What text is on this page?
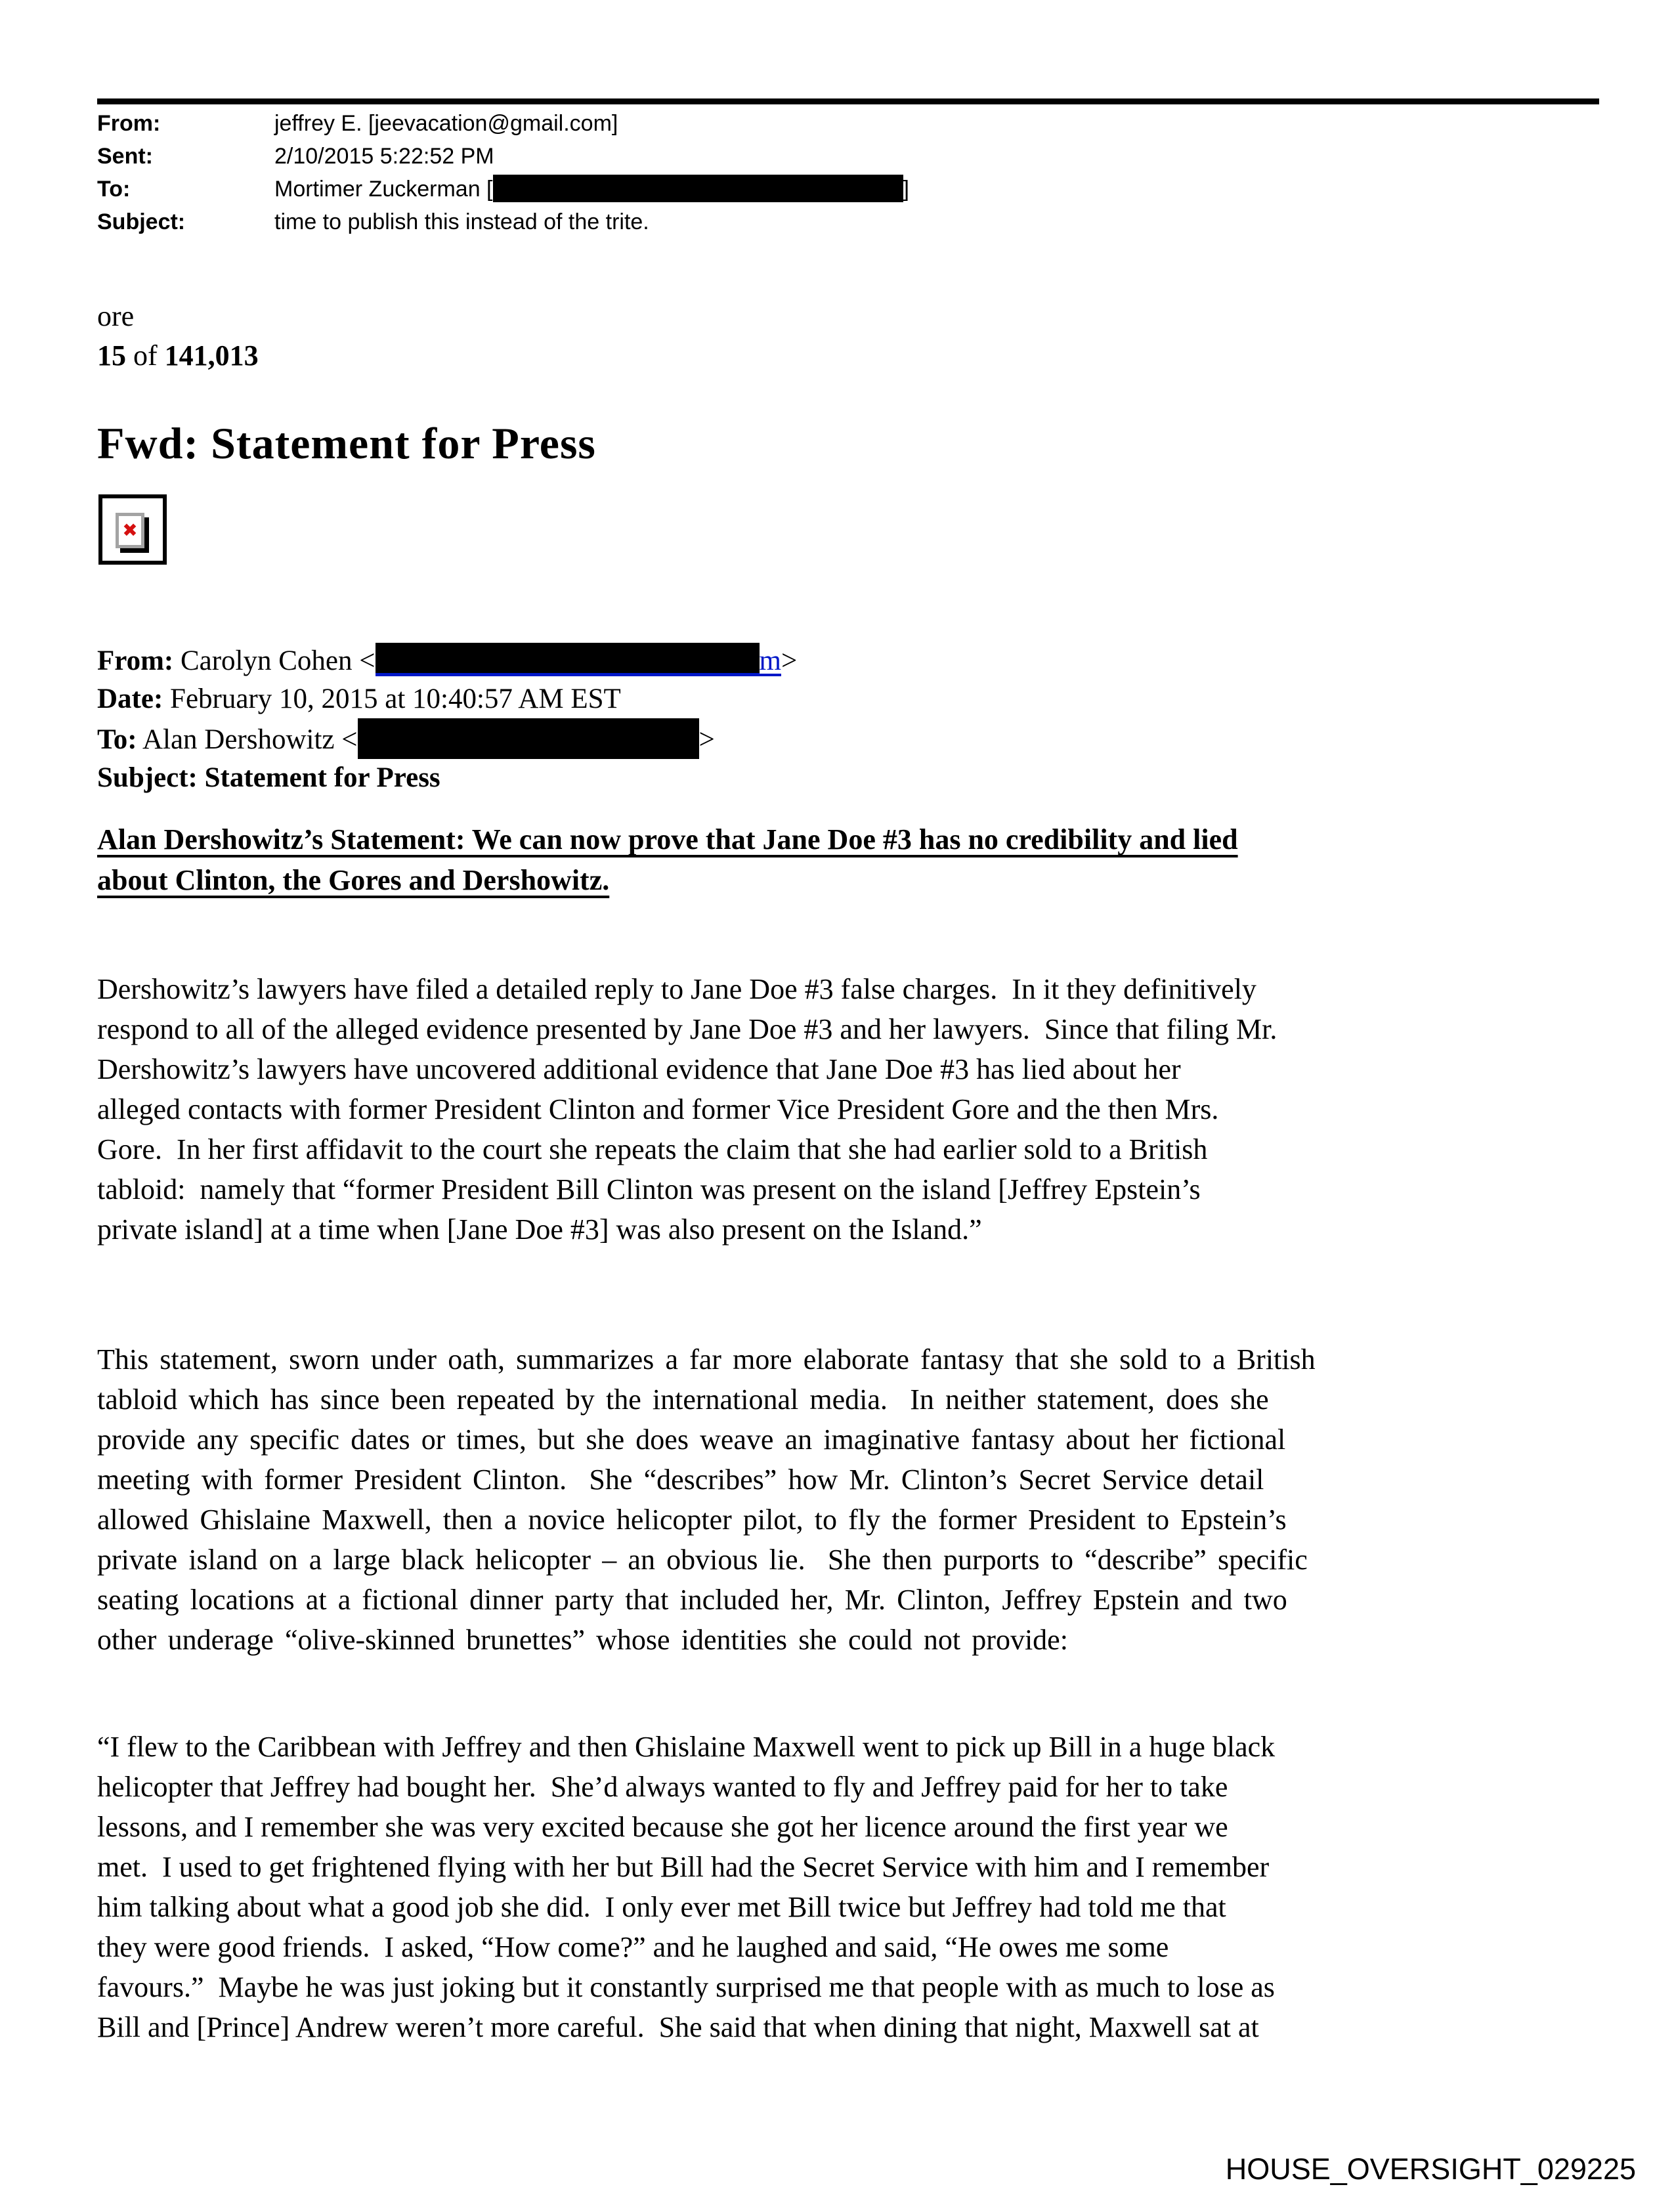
From:	jeffrey E. [jeevacation@gmail.com]
Sent:	2/10/2015 5:22:52 PM
To:	Mortimer Zuckerman [	]
Subject:	time to publish this instead of the trite.
ore
15 of 141,013
Fwd: Statement for Press
✖
From: Carolyn Cohen <	m>
Date: February 10, 2015 at 10:40:57 AM EST
To: Alan Dershowitz <	>
Subject: Statement for Press
Alan Dershowitz’s Statement: We can now prove that Jane Doe #3 has no credibility and lied
about Clinton, the Gores and Dershowitz.
Dershowitz’s lawyers have filed a detailed reply to Jane Doe #3 false charges.  In it they definitively
respond to all of the alleged evidence presented by Jane Doe #3 and her lawyers.  Since that filing Mr.
Dershowitz’s lawyers have uncovered additional evidence that Jane Doe #3 has lied about her
alleged contacts with former President Clinton and former Vice President Gore and the then Mrs.
Gore.  In her first affidavit to the court she repeats the claim that she had earlier sold to a British
tabloid:  namely that “former President Bill Clinton was present on the island [Jeffrey Epstein’s
private island] at a time when [Jane Doe #3] was also present on the Island.”
This statement, sworn under oath, summarizes a far more elaborate fantasy that she sold to a British
tabloid which has since been repeated by the international media.  In neither statement, does she
provide any specific dates or times, but she does weave an imaginative fantasy about her fictional
meeting with former President Clinton.  She “describes” how Mr. Clinton’s Secret Service detail
allowed Ghislaine Maxwell, then a novice helicopter pilot, to fly the former President to Epstein’s
private island on a large black helicopter – an obvious lie.  She then purports to “describe” specific
seating locations at a fictional dinner party that included her, Mr. Clinton, Jeffrey Epstein and two
other underage “olive-skinned brunettes” whose identities she could not provide:
“I flew to the Caribbean with Jeffrey and then Ghislaine Maxwell went to pick up Bill in a huge black
helicopter that Jeffrey had bought her.  She’d always wanted to fly and Jeffrey paid for her to take
lessons, and I remember she was very excited because she got her licence around the first year we
met.  I used to get frightened flying with her but Bill had the Secret Service with him and I remember
him talking about what a good job she did.  I only ever met Bill twice but Jeffrey had told me that
they were good friends.  I asked, “How come?” and he laughed and said, “He owes me some
favours.”  Maybe he was just joking but it constantly surprised me that people with as much to lose as
Bill and [Prince] Andrew weren’t more careful.  She said that when dining that night, Maxwell sat at
HOUSE_OVERSIGHT_029225
